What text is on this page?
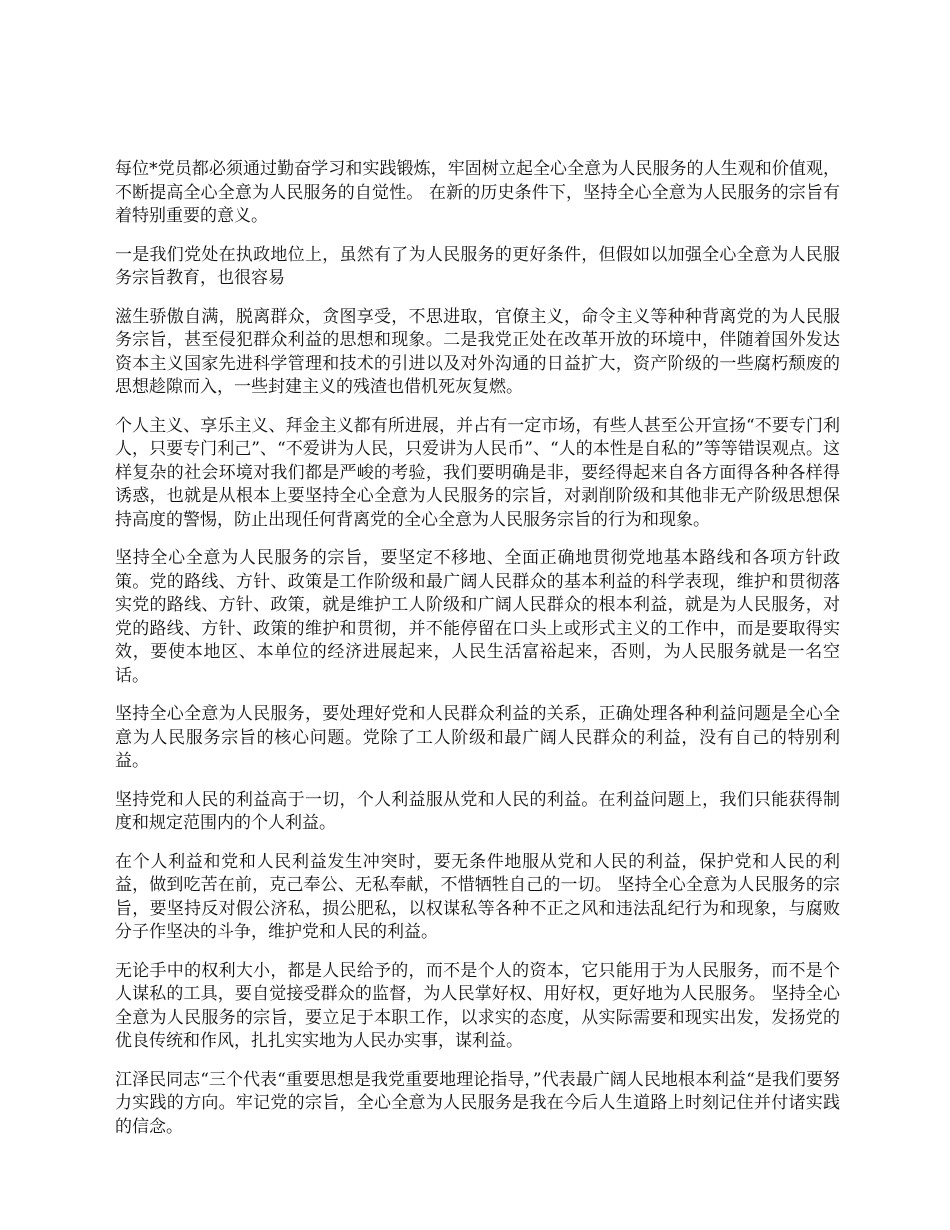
每位*党员都必须通过勤奋学习和实践锻炼，牢固树立起全心全意为人民服务的人生观和价值观，不断提高全心全意为人民服务的自觉性。 在新的历史条件下，坚持全心全意为人民服务的宗旨有着特别重要的意义。

一是我们党处在执政地位上，虽然有了为人民服务的更好条件，但假如以加强全心全意为人民服务宗旨教育，也很容易

滋生骄傲自满，脱离群众，贪图享受，不思进取，官僚主义，命令主义等种种背离党的为人民服务宗旨，甚至侵犯群众利益的思想和现象。二是我党正处在改革开放的环境中，伴随着国外发达资本主义国家先进科学管理和技术的引进以及对外沟通的日益扩大，资产阶级的一些腐朽颓废的思想趁隙而入，一些封建主义的残渣也借机死灰复燃。

个人主义、享乐主义、拜金主义都有所进展，并占有一定市场，有些人甚至公开宣扬“不要专门利人，只要专门利己”、“不爱讲为人民，只爱讲为人民币”、“人的本性是自私的”等等错误观点。这样复杂的社会环境对我们都是严峻的考验，我们要明确是非，要经得起来自各方面得各种各样得诱惑，也就是从根本上要坚持全心全意为人民服务的宗旨，对剥削阶级和其他非无产阶级思想保持高度的警惕，防止出现任何背离党的全心全意为人民服务宗旨的行为和现象。

坚持全心全意为人民服务的宗旨，要坚定不移地、全面正确地贯彻党地基本路线和各项方针政策。党的路线、方针、政策是工作阶级和最广阔人民群众的基本利益的科学表现，维护和贯彻落实党的路线、方针、政策，就是维护工人阶级和广阔人民群众的根本利益，就是为人民服务，对党的路线、方针、政策的维护和贯彻，并不能停留在口头上或形式主义的工作中，而是要取得实效，要使本地区、本单位的经济进展起来，人民生活富裕起来，否则，为人民服务就是一名空话。

坚持全心全意为人民服务，要处理好党和人民群众利益的关系，正确处理各种利益问题是全心全意为人民服务宗旨的核心问题。党除了工人阶级和最广阔人民群众的利益，没有自己的特别利益。

坚持党和人民的利益高于一切，个人利益服从党和人民的利益。在利益问题上，我们只能获得制度和规定范围内的个人利益。

在个人利益和党和人民利益发生冲突时，要无条件地服从党和人民的利益，保护党和人民的利益，做到吃苦在前，克己奉公、无私奉献，不惜牺牲自己的一切。 坚持全心全意为人民服务的宗旨，要坚持反对假公济私，损公肥私，以权谋私等各种不正之风和违法乱纪行为和现象，与腐败分子作坚决的斗争，维护党和人民的利益。

无论手中的权利大小，都是人民给予的，而不是个人的资本，它只能用于为人民服务，而不是个人谋私的工具，要自觉接受群众的监督，为人民掌好权、用好权，更好地为人民服务。 坚持全心全意为人民服务的宗旨，要立足于本职工作，以求实的态度，从实际需要和现实出发，发扬党的优良传统和作风，扎扎实实地为人民办实事，谋利益。

江泽民同志“三个代表“重要思想是我党重要地理论指导，”代表最广阔人民地根本利益“是我们要努力实践的方向。牢记党的宗旨，全心全意为人民服务是我在今后人生道路上时刻记住并付诸实践的信念。
